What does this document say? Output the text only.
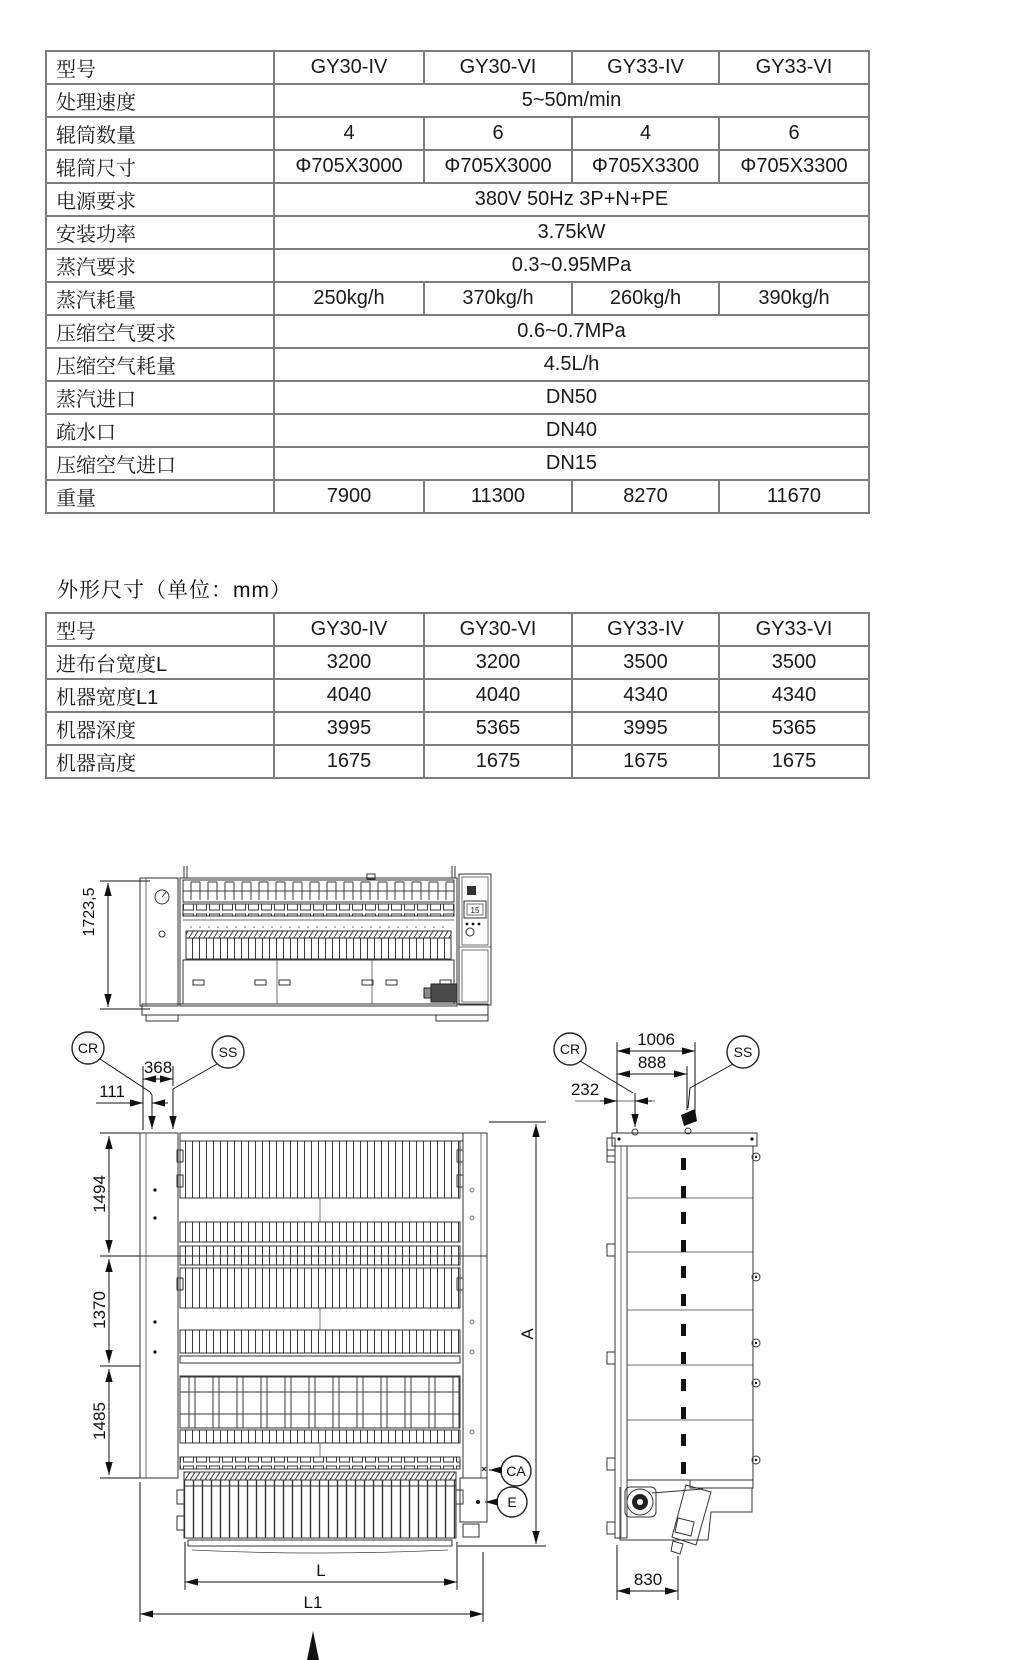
型号	GY30-IV	GY30-VI	GY33-IV	GY33-VI
处理速度	5~50m/min			
辊筒数量	4	6	4	6
辊筒尺寸	Φ705X3000	Φ705X3000	Φ705X3300	Φ705X3300
电源要求	380V 50Hz 3P+N+PE			
安装功率	3.75kW			
蒸汽要求	0.3~0.95MPa			
蒸汽耗量	250kg/h	370kg/h	260kg/h	390kg/h
压缩空气要求	0.6~0.7MPa			
压缩空气耗量	4.5L/h			
蒸汽进口	DN50			
疏水口	DN40			
压缩空气进口	DN15			
重量	7900	11300	8270	11670
外形尺寸（单位：mm）
型号	GY30-IV	GY30-VI	GY33-IV	GY33-VI
进布台宽度L	3200	3200	3500	3500
机器宽度L1	4040	4040	4340	4340
机器深度	3995	5365	3995	5365
机器高度	1675	1675	1675	1675
1723,5	15
CR	SS
368
111
1494
1370
1485
CA
E
A
L
L1
CR	SS
1006
888
232
830
